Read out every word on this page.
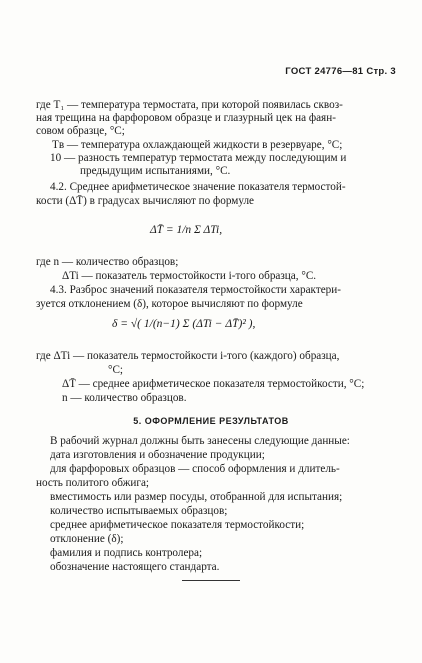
ГОСТ 24776—81 Стр. 3
где T₁ — температура термостата, при которой появилась сквоз-
ная трещина на фарфоровом образце и глазурный цек на фаян-
совом образце, °С;
Tв — температура охлаждающей жидкости в резервуаре, °С;
10 — разность температур термостата между последующим и
предыдущим испытаниями, °С.
4.2. Среднее арифметическое значение показателя термостой-
кости (ΔT̄) в градусах вычисляют по формуле
ΔT̄ = 1/n Σ ΔTi,
где n — количество образцов;
ΔTi — показатель термостойкости i-того образца, °С.
4.3. Разброс значений показателя термостойкости характери-
зуется отклонением (δ), которое вычисляют по формуле
δ = √( 1/(n−1) Σ (ΔTi − ΔT̄)² ),
где ΔTi — показатель термостойкости i-того (каждого) образца,
°С;
ΔT̄ — среднее арифметическое показателя термостойкости, °С;
n — количество образцов.
5. ОФОРМЛЕНИЕ РЕЗУЛЬТАТОВ
В рабочий журнал должны быть занесены следующие данные:
дата изготовления и обозначение продукции;
для фарфоровых образцов — способ оформления и длитель-
ность политого обжига;
вместимость или размер посуды, отобранной для испытания;
количество испытываемых образцов;
среднее арифметическое показателя термостойкости;
отклонение (δ);
фамилия и подпись контролера;
обозначение настоящего стандарта.
